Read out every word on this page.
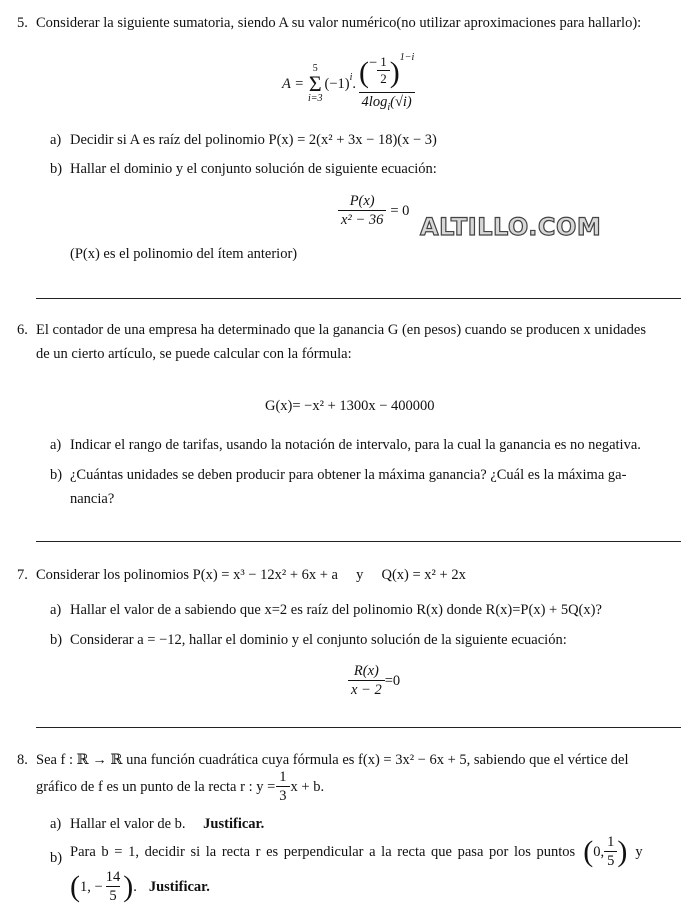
5. Considerar la siguiente sumatoria, siendo A su valor numérico(no utilizar aproximaciones para hallarlo):
A =
5
Σ
i=3
$(-1)^i$ . ( − $\frac{1}{2}$ ) 1−i
$4\log_i(√i)$
a) Decidir si A es raíz del polinomio P(x) = 2(x² + 3x − 18)(x − 3)
b) Hallar el dominio y el conjunto solución de siguiente ecuación:
$\frac{P(x)}{\text{x² − 36}} = 0$
ALTILLO.COM
(P(x) es el polinomio del ítem anterior)
6. El contador de una empresa ha determinado que la ganancia G (en pesos) cuando se producen x unidades
de un cierto artículo, se puede calcular con la fórmula:
G(x)= −x² + 1300x − 400000
a) Indicar el rango de tarifas, usando la notación de intervalo, para la cual la ganancia es no negativa.
b) ¿Cuántas unidades se deben producir para obtener la máxima ganancia? ¿Cuál es la máxima ga-
nancia?
7. Considerar los polinomios P(x) = x³ − 12x² + 6x + a     y     Q(x) = x² + 2x
a) Hallar el valor de a sabiendo que x=2 es raíz del polinomio R(x) donde R(x)=P(x) + 5Q(x)?
b) Considerar a = −12, hallar el dominio y el conjunto solución de la siguiente ecuación:
$\frac{R(x)}{x - 2} =0$
8. Sea f : ℝ → ℝ una función cuadrática cuya fórmula es f(x) = 3x² − 6x + 5, sabiendo que el vértice del
gráfico de f es un punto de la recta r : $y = \frac{1}{3}$ x + b.
a) Hallar el valor de b. Justificar.
b) Para b = 1, decidir si la recta r es perpendicular a la recta que pasa por los puntos ( 0, $\frac{1}{5}$ ) y
( 1, − $\frac{14}{5}$ ) . Justificar.
